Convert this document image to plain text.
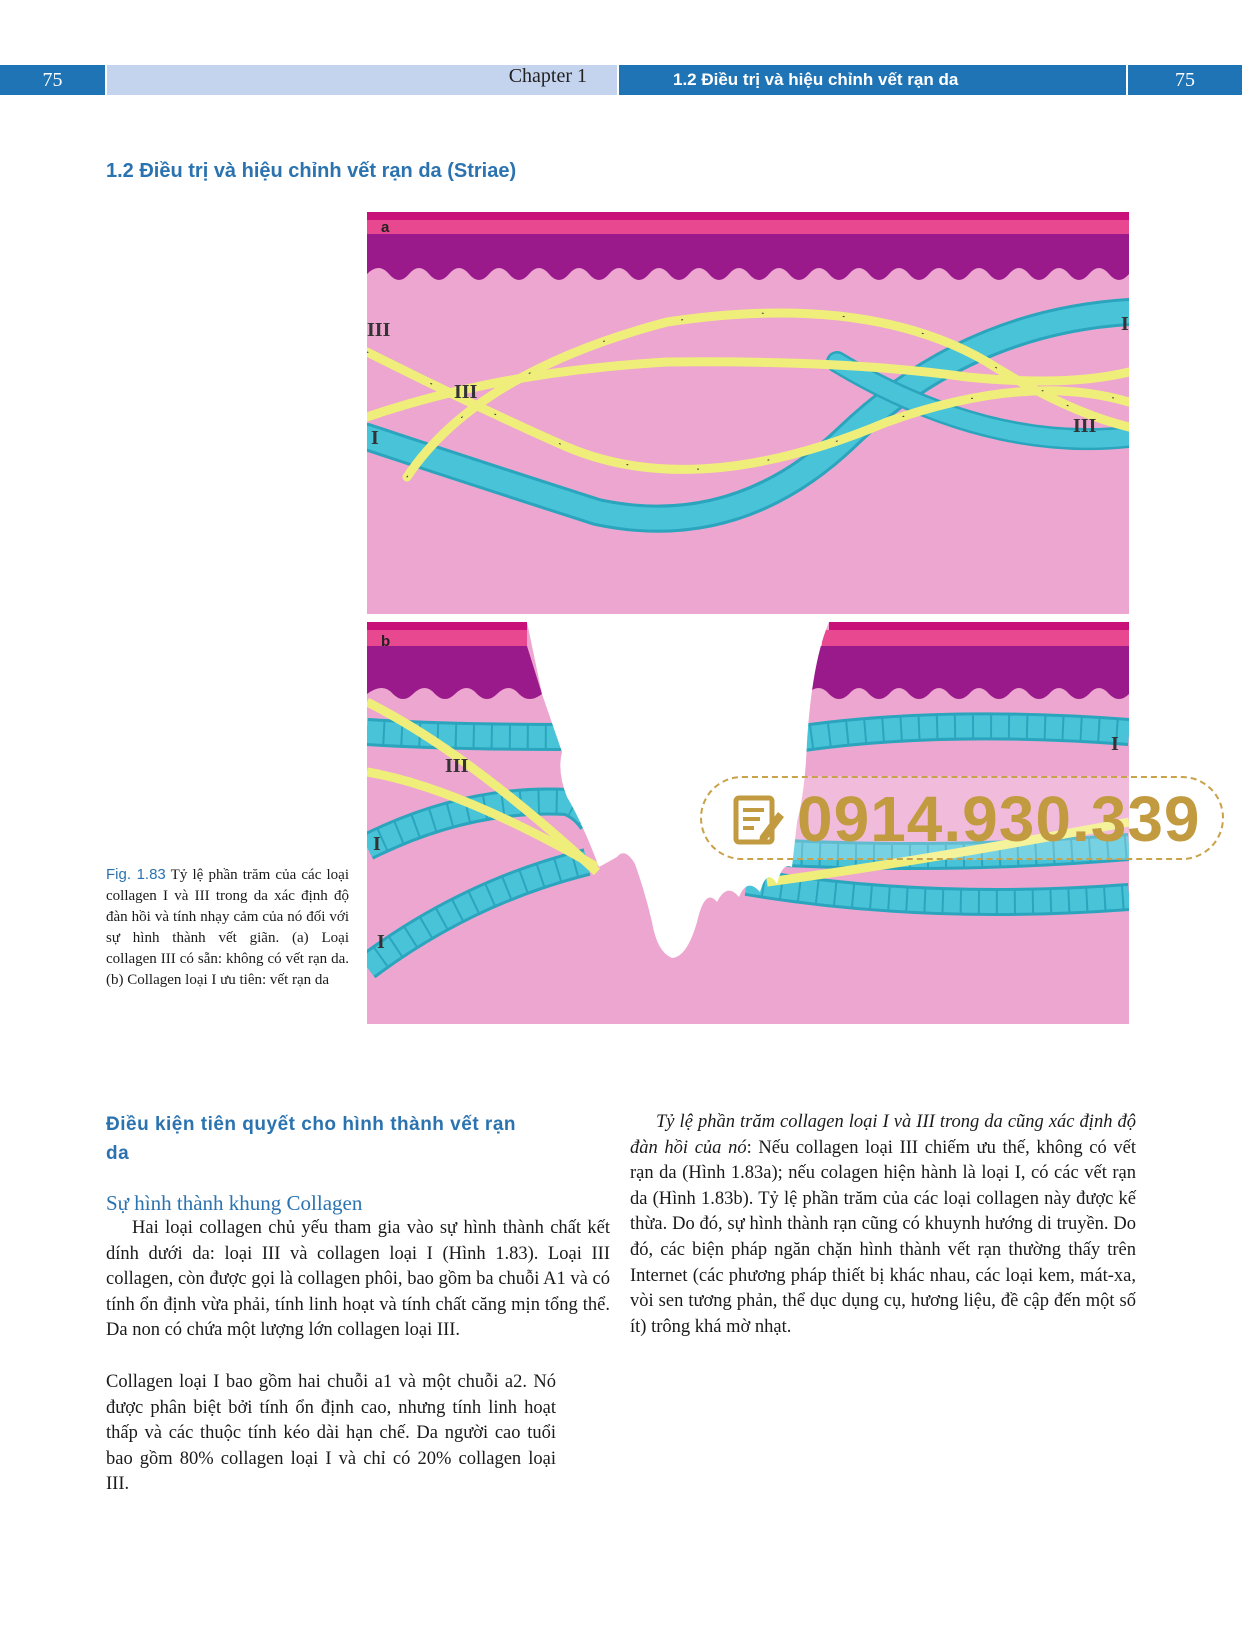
75	Chapter 1	1.2 Điều trị và hiệu chỉnh vết rạn da	75
1.2 Điều trị và hiệu chỉnh vết rạn da (Striae)
a
III
III
I
I
III
b
III
I
I
I
Fig. 1.83 Tỷ lệ phần trăm của các loại collagen I và III trong da xác định độ đàn hồi và tính nhạy cảm của nó đối với sự hình thành vết giãn. (a) Loại collagen III có sẵn: không có vết rạn da. (b) Collagen loại I ưu tiên: vết rạn da
0914.930.339
Điều kiện tiên quyết cho hình thành vết rạn da
Sự hình thành khung Collagen
Hai loại collagen chủ yếu tham gia vào sự hình thành chất kết dính dưới da: loại III và collagen loại I (Hình 1.83). Loại III collagen, còn được gọi là collagen phôi, bao gồm ba chuỗi A1 và có tính ổn định vừa phải, tính linh hoạt và tính chất căng mịn tổng thể. Da non có chứa một lượng lớn collagen loại III.
Collagen loại I bao gồm hai chuỗi a1 và một chuỗi a2. Nó được phân biệt bởi tính ổn định cao, nhưng tính linh hoạt thấp và các thuộc tính kéo dài hạn chế. Da người cao tuổi bao gồm 80% collagen loại I và chỉ có 20% collagen loại III.
Tỷ lệ phần trăm collagen loại I và III trong da cũng xác định độ đàn hồi của nó: Nếu collagen loại III chiếm ưu thế, không có vết rạn da (Hình 1.83a); nếu colagen hiện hành là loại I, có các vết rạn da (Hình 1.83b). Tỷ lệ phần trăm của các loại collagen này được kế thừa. Do đó, sự hình thành rạn cũng có khuynh hướng di truyền. Do đó, các biện pháp ngăn chặn hình thành vết rạn thường thấy trên Internet (các phương pháp thiết bị khác nhau, các loại kem, mát-xa, vòi sen tương phản, thể dục dụng cụ, hương liệu, đề cập đến một số ít) trông khá mờ nhạt.
